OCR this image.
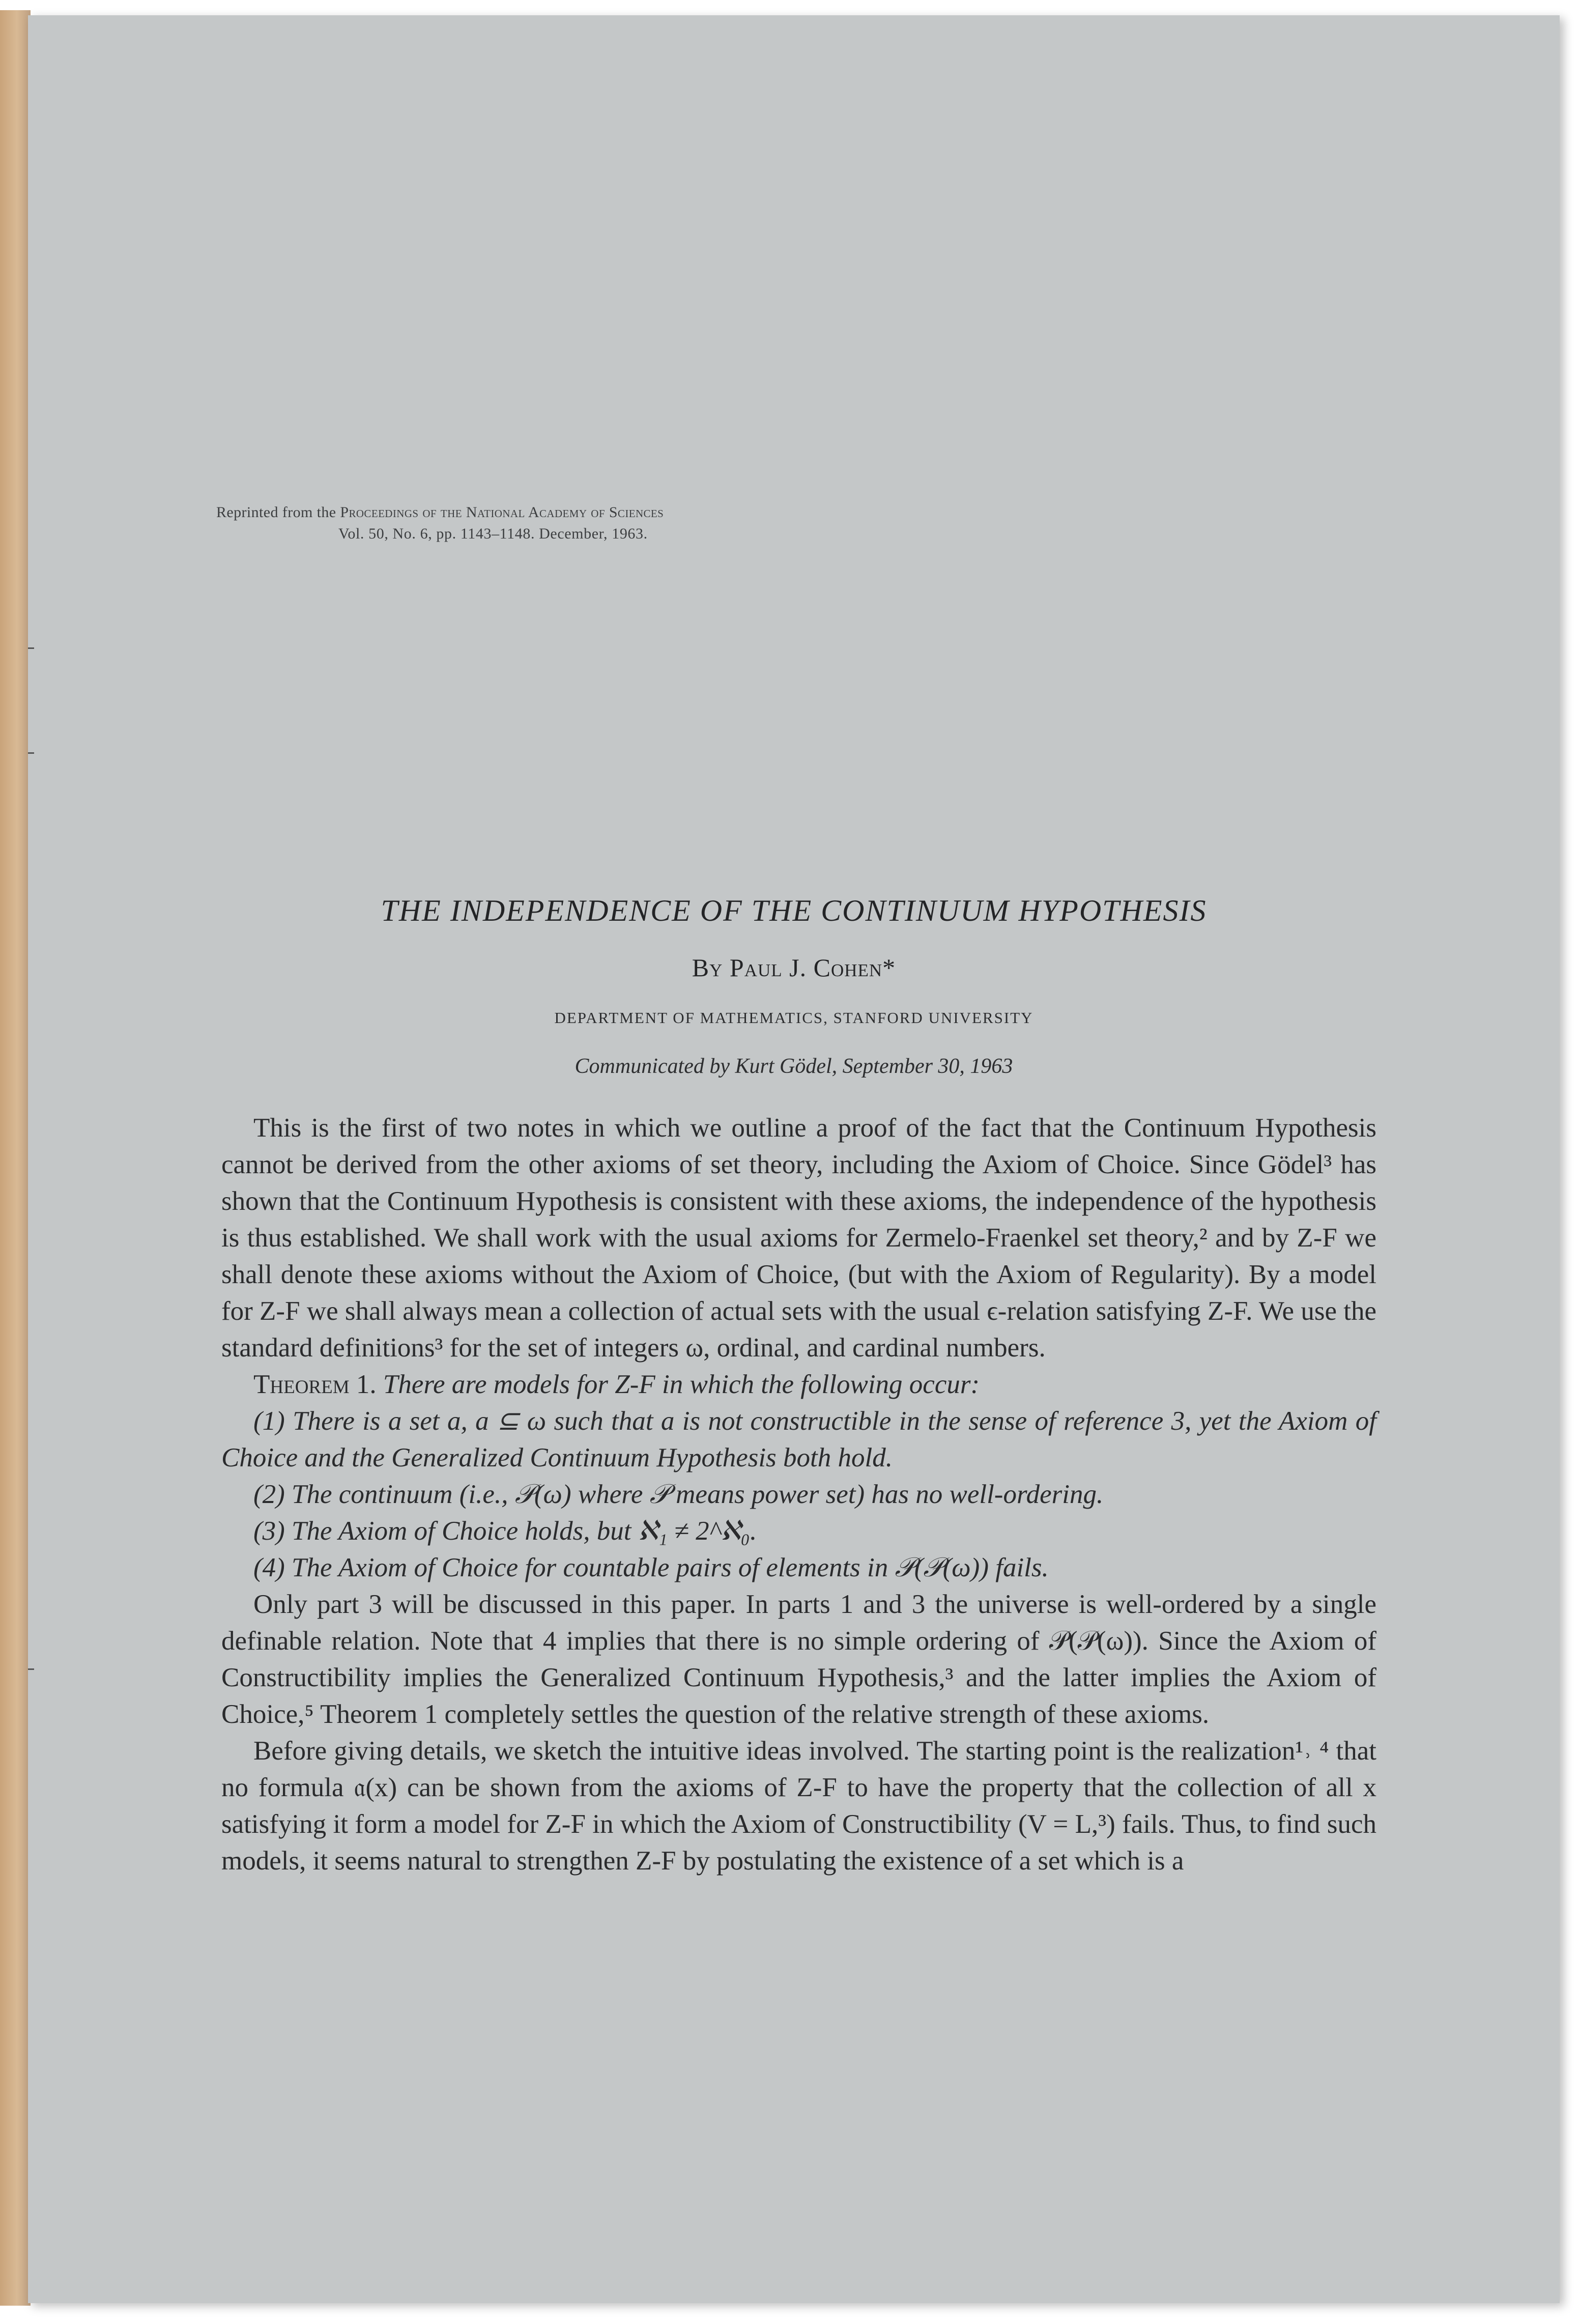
Reprinted from the Proceedings of the National Academy of Sciences
Vol. 50, No. 6, pp. 1143–1148. December, 1963.
THE INDEPENDENCE OF THE CONTINUUM HYPOTHESIS
By Paul J. Cohen*
DEPARTMENT OF MATHEMATICS, STANFORD UNIVERSITY
Communicated by Kurt Gödel, September 30, 1963

This is the first of two notes in which we outline a proof of the fact that the Continuum Hypothesis cannot be derived from the other axioms of set theory, including the Axiom of Choice. Since Gödel³ has shown that the Continuum Hypothesis is consistent with these axioms, the independence of the hypothesis is thus established. We shall work with the usual axioms for Zermelo-Fraenkel set theory,² and by Z-F we shall denote these axioms without the Axiom of Choice, (but with the Axiom of Regularity). By a model for Z-F we shall always mean a collection of actual sets with the usual ϵ-relation satisfying Z-F. We use the standard definitions³ for the set of integers ω, ordinal, and cardinal numbers.

Theorem 1. There are models for Z-F in which the following occur:

(1) There is a set a, a ⊆ ω such that a is not constructible in the sense of reference 3, yet the Axiom of Choice and the Generalized Continuum Hypothesis both hold.

(2) The continuum (i.e., 𝒫(ω) where 𝒫 means power set) has no well-ordering.

(3) The Axiom of Choice holds, but ℵ₁ ≠ 2^ℵ₀.

(4) The Axiom of Choice for countable pairs of elements in 𝒫(𝒫(ω)) fails.

Only part 3 will be discussed in this paper. In parts 1 and 3 the universe is well-ordered by a single definable relation. Note that 4 implies that there is no simple ordering of 𝒫(𝒫(ω)). Since the Axiom of Constructibility implies the Generalized Continuum Hypothesis,³ and the latter implies the Axiom of Choice,⁵ Theorem 1 completely settles the question of the relative strength of these axioms.

Before giving details, we sketch the intuitive ideas involved. The starting point is the realization¹˒ ⁴ that no formula 𝔞(x) can be shown from the axioms of Z-F to have the property that the collection of all x satisfying it form a model for Z-F in which the Axiom of Constructibility (V = L,³) fails. Thus, to find such models, it seems natural to strengthen Z-F by postulating the existence of a set which is a
